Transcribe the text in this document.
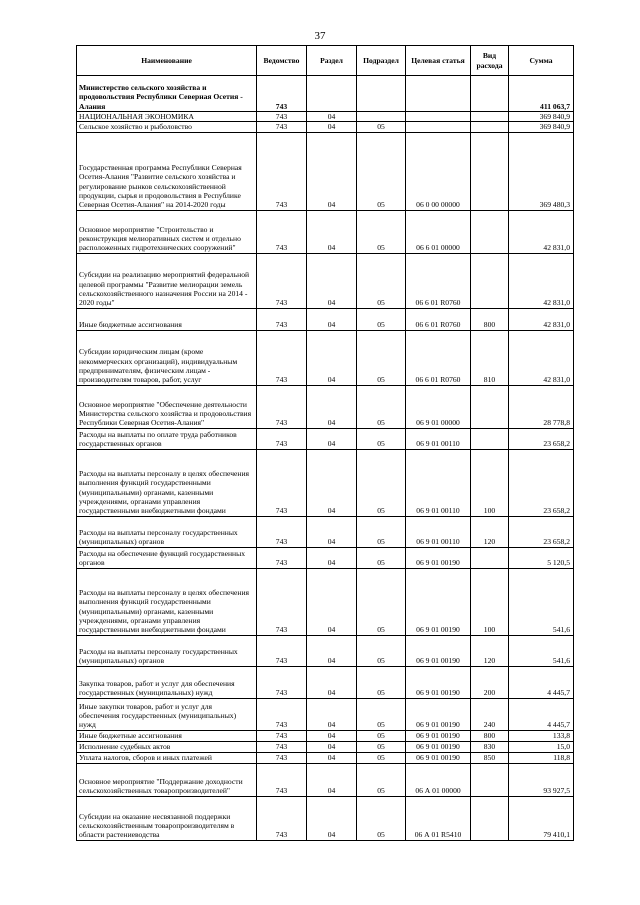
37
Наименование	Ведомство	Раздел	Подраздел	Целевая статья	Вид расхода	Сумма
Министерство сельского хозяйства и продовольствия Республики Северная Осетия - Алания	743					411 063,7
НАЦИОНАЛЬНАЯ ЭКОНОМИКА	743	04				369 840,9
Сельское хозяйство и рыболовство	743	04	05			369 840,9
Государственная программа Республики Северная Осетия-Алания "Развитие сельского хозяйства и регулирование рынков сельскохозяйственной продукции, сырья и продовольствия в Республике Северная Осетия-Алания" на 2014-2020 годы	743	04	05	06 0 00 00000		369 480,3
Основное мероприятие "Строительство и реконструкция мелиоративных систем и отдельно расположенных гидротехнических сооружений"	743	04	05	06 6 01 00000		42 831,0
Субсидии на реализацию мероприятий федеральной целевой программы "Развитие мелиорации земель сельскохозяйственного назначения России на 2014 - 2020 годы"	743	04	05	06 6 01 R0760		42 831,0
Иные бюджетные ассигнования	743	04	05	06 6 01 R0760	800	42 831,0
Субсидии юридическим лицам (кроме некоммерческих организаций), индивидуальным предпринимателям, физическим лицам - производителям товаров, работ, услуг	743	04	05	06 6 01 R0760	810	42 831,0
Основное мероприятие "Обеспечение деятельности Министерства сельского хозяйства и продовольствия Республики Северная Осетия-Алания"	743	04	05	06 9 01 00000		28 778,8
Расходы на выплаты по оплате труда работников государственных органов	743	04	05	06 9 01 00110		23 658,2
Расходы на выплаты персоналу в целях обеспечения выполнения функций государственными (муниципальными) органами, казенными учреждениями, органами управления государственными внебюджетными фондами	743	04	05	06 9 01 00110	100	23 658,2
Расходы на выплаты персоналу государственных (муниципальных) органов	743	04	05	06 9 01 00110	120	23 658,2
Расходы на обеспечение функций государственных органов	743	04	05	06 9 01 00190		5 120,5
Расходы на выплаты персоналу в целях обеспечения выполнения функций государственными (муниципальными) органами, казенными учреждениями, органами управления государственными внебюджетными фондами	743	04	05	06 9 01 00190	100	541,6
Расходы на выплаты персоналу государственных (муниципальных) органов	743	04	05	06 9 01 00190	120	541,6
Закупка товаров, работ и услуг для обеспечения государственных (муниципальных) нужд	743	04	05	06 9 01 00190	200	4 445,7
Иные закупки товаров, работ и услуг для обеспечения государственных (муниципальных) нужд	743	04	05	06 9 01 00190	240	4 445,7
Иные бюджетные ассигнования	743	04	05	06 9 01 00190	800	133,8
Исполнение судебных актов	743	04	05	06 9 01 00190	830	15,0
Уплата налогов, сборов и иных платежей	743	04	05	06 9 01 00190	850	118,8
Основное мероприятие "Поддержание доходности сельскохозяйственных товаропроизводителей"	743	04	05	06 А 01 00000		93 927,5
Субсидии на оказание несвязанной поддержки сельскохозяйственным товаропроизводителям в области растениеводства	743	04	05	06 А 01 R5410		79 410,1
